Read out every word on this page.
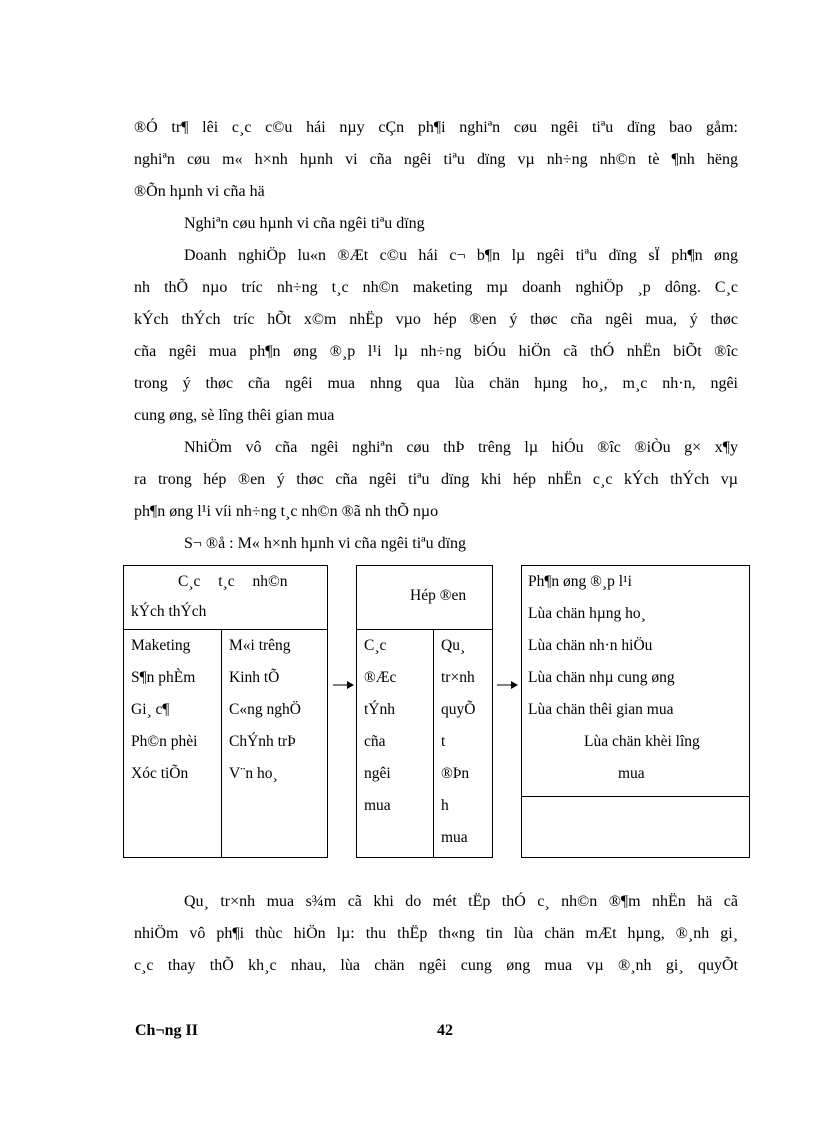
®Ó tr¶ lêi c¸c c©u hái nµy cÇn ph¶i nghiªn cøu ngêi tiªu dïng bao gåm:
nghiªn cøu m« h×nh hµnh vi cña ngêi tiªu dïng vµ nh÷ng nh©n tè ¶nh hëng
®Õn hµnh vi cña hä
Nghiªn cøu hµnh vi cña ngêi tiªu dïng
Doanh nghiÖp lu«n ®Æt c©u hái c¬ b¶n lµ ngêi tiªu dïng sÏ ph¶n øng
nh thÕ nµo tríc nh÷ng t¸c nh©n maketing mµ doanh nghiÖp ¸p dông. C¸c
kÝch thÝch tríc hÕt x©m nhËp vµo hép ®en ý thøc cña ngêi mua, ý thøc
cña ngêi mua ph¶n øng ®¸p l¹i lµ nh÷ng biÓu hiÖn cã thÓ nhËn biÕt ®îc
trong ý thøc cña ngêi mua nhng qua lùa chän hµng ho¸, m¸c nh·n, ngêi
cung øng, sè lîng thêi gian mua
NhiÖm vô cña ngêi nghiªn cøu thÞ trêng lµ hiÓu ®îc ®iÒu g× x¶y
ra trong hép ®en ý thøc cña ngêi tiªu dïng khi hép nhËn c¸c kÝch thÝch vµ
ph¶n øng l¹i víi nh÷ng t¸c nh©n ®ã nh thÕ nµo
S¬ ®å : M« h×nh hµnh vi cña ngêi tiªu dïng
C¸c t¸c nh©n
kÝch thÝch
Maketing
S¶n phÈm
Gi¸ c¶
Ph©n phèi
Xóc tiÕn
M«i trêng
Kinh tÕ
C«ng nghÖ
ChÝnh trÞ
V¨n ho¸
Hép ®en
C¸c
®Æc
tÝnh
cña
ngêi
mua
Qu¸
tr×nh
quyÕ
t
®Þn
h
mua
Ph¶n øng ®¸p l¹i
Lùa chän hµng ho¸
Lùa chän nh·n hiÖu
Lùa chän nhµ cung øng
Lùa chän thêi gian mua
Lùa chän khèi lîng
mua
Qu¸ tr×nh mua s¾m cã khi do mét tËp thÓ c¸ nh©n ®¶m nhËn hä cã
nhiÖm vô ph¶i thùc hiÖn lµ: thu thËp th«ng tin lùa chän mÆt hµng, ®¸nh gi¸
c¸c thay thÕ kh¸c nhau, lùa chän ngêi cung øng mua vµ ®¸nh gi¸ quyÕt
Ch¬ng II	42
